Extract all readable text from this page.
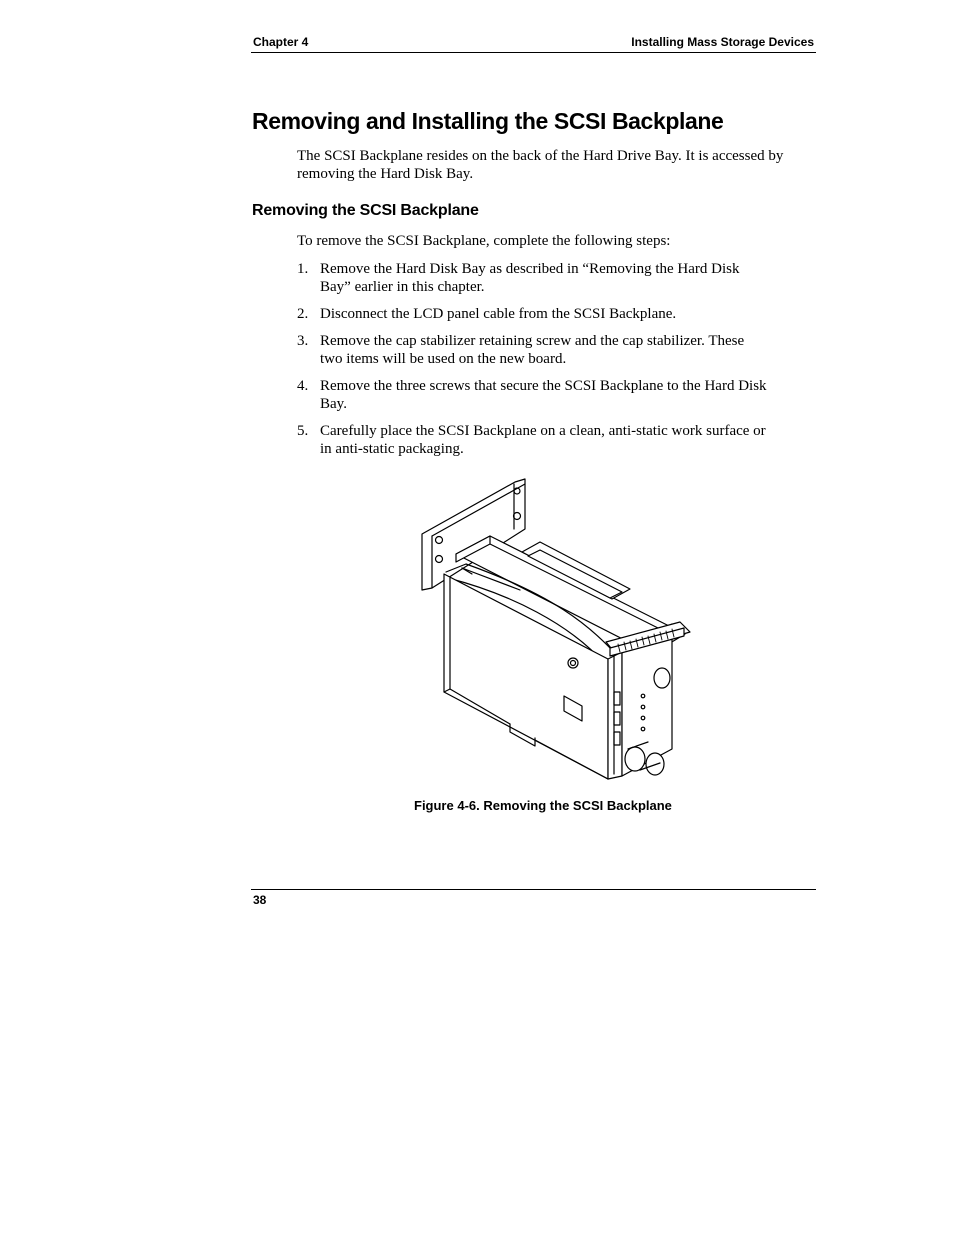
Chapter 4	Installing Mass Storage Devices
Removing and Installing the SCSI Backplane

The SCSI Backplane resides on the back of the Hard Drive Bay. It is accessed by

removing the Hard Disk Bay.

Removing the SCSI Backplane

To remove the SCSI Backplane, complete the following steps:

1. Remove the Hard Disk Bay as described in “Removing the Hard Disk
Bay” earlier in this chapter.
2. Disconnect the LCD panel cable from the SCSI Backplane.
3. Remove the cap stabilizer retaining screw and the cap stabilizer. These
two items will be used on the new board.
4. Remove the three screws that secure the SCSI Backplane to the Hard Disk
Bay.
5. Carefully place the SCSI Backplane on a clean, anti-static work surface or
in anti-static packaging.
Figure 4-6. Removing the SCSI Backplane
38
